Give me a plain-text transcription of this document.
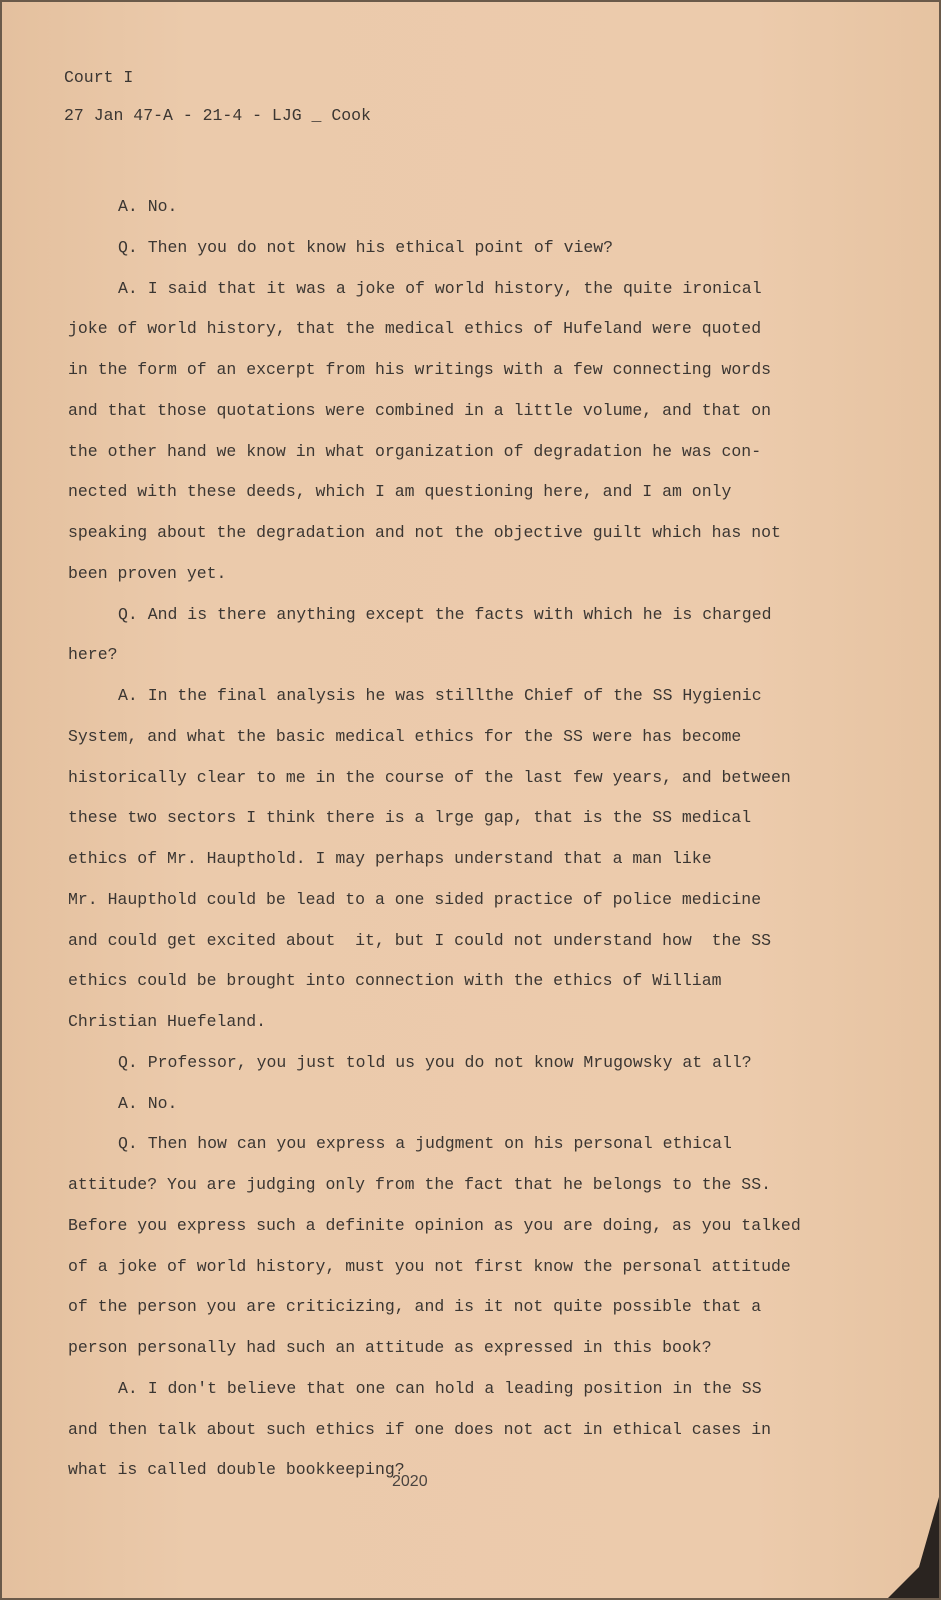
Court I
27 Jan 47-A - 21-4 - LJG _ Cook
A. No.
Q. Then you do not know his ethical point of view?
A. I said that it was a joke of world history, the quite ironical
joke of world history, that the medical ethics of Hufeland were quoted
in the form of an excerpt from his writings with a few connecting words
and that those quotations were combined in a little volume, and that on
the other hand we know in what organization of degradation he was con-
nected with these deeds, which I am questioning here, and I am only
speaking about the degradation and not the objective guilt which has not
been proven yet.
Q. And is there anything except the facts with which he is charged
here?
A. In the final analysis he was stillthe Chief of the SS Hygienic
System, and what the basic medical ethics for the SS were has become
historically clear to me in the course of the last few years, and between
these two sectors I think there is a lrge gap, that is the SS medical
ethics of Mr. Haupthold. I may perhaps understand that a man like
Mr. Haupthold could be lead to a one sided practice of police medicine
and could get excited about  it, but I could not understand how  the SS
ethics could be brought into connection with the ethics of William
Christian Huefeland.
Q. Professor, you just told us you do not know Mrugowsky at all?
A. No.
Q. Then how can you express a judgment on his personal ethical
attitude? You are judging only from the fact that he belongs to the SS.
Before you express such a definite opinion as you are doing, as you talked
of a joke of world history, must you not first know the personal attitude
of the person you are criticizing, and is it not quite possible that a
person personally had such an attitude as expressed in this book?
A. I don't believe that one can hold a leading position in the SS
and then talk about such ethics if one does not act in ethical cases in
what is called double bookkeeping?
2020
